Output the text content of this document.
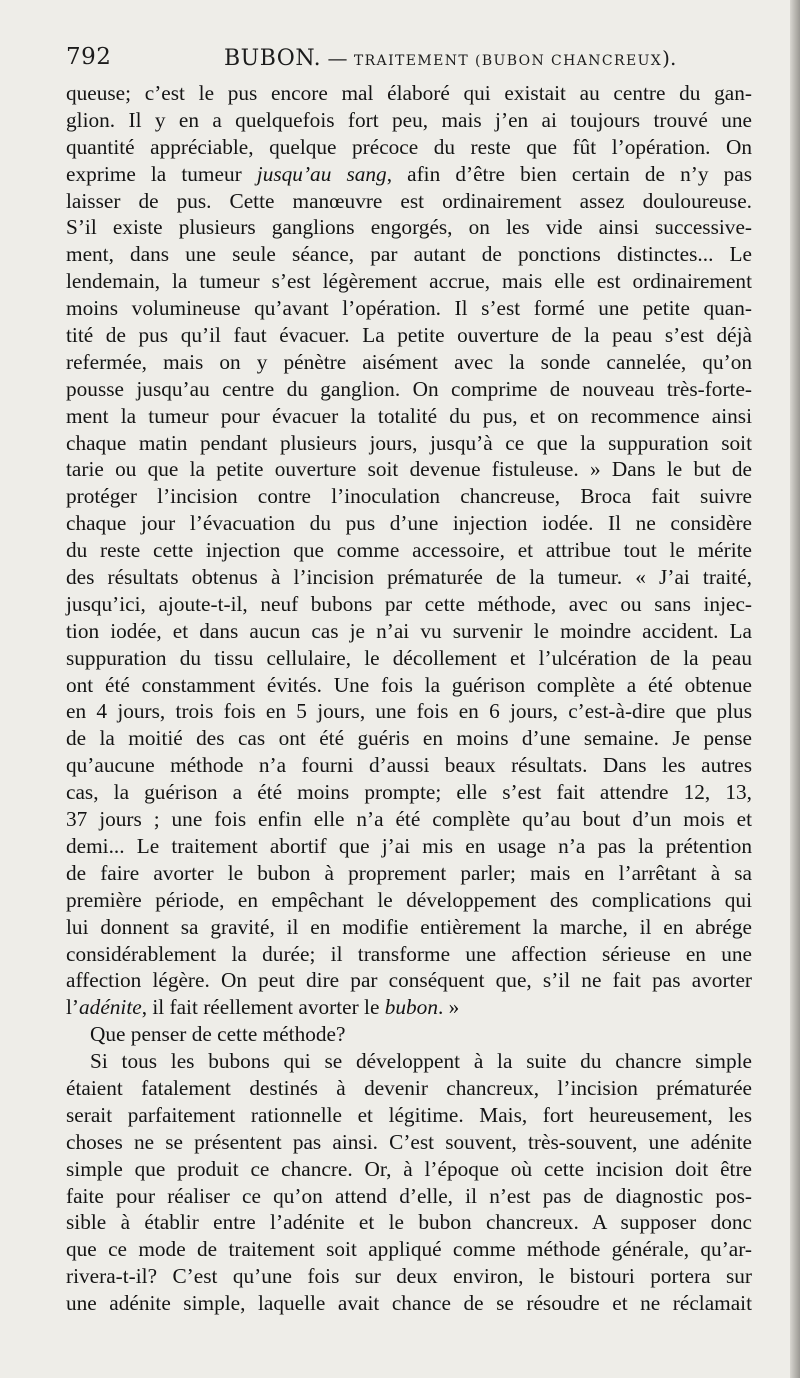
792	BUBON. — TRAITEMENT (BUBON CHANCREUX).
queuse; c’est le pus encore mal élaboré qui existait au centre du gan-
glion. Il y en a quelquefois fort peu, mais j’en ai toujours trouvé une
quantité appréciable, quelque précoce du reste que fût l’opération. On
exprime la tumeur jusqu’au sang, afin d’être bien certain de n’y pas
laisser de pus. Cette manœuvre est ordinairement assez douloureuse.
S’il existe plusieurs ganglions engorgés, on les vide ainsi successive-
ment, dans une seule séance, par autant de ponctions distinctes... Le
lendemain, la tumeur s’est légèrement accrue, mais elle est ordinairement
moins volumineuse qu’avant l’opération. Il s’est formé une petite quan-
tité de pus qu’il faut évacuer. La petite ouverture de la peau s’est déjà
refermée, mais on y pénètre aisément avec la sonde cannelée, qu’on
pousse jusqu’au centre du ganglion. On comprime de nouveau très-forte-
ment la tumeur pour évacuer la totalité du pus, et on recommence ainsi
chaque matin pendant plusieurs jours, jusqu’à ce que la suppuration soit
tarie ou que la petite ouverture soit devenue fistuleuse. » Dans le but de
protéger l’incision contre l’inoculation chancreuse, Broca fait suivre
chaque jour l’évacuation du pus d’une injection iodée. Il ne considère
du reste cette injection que comme accessoire, et attribue tout le mérite
des résultats obtenus à l’incision prématurée de la tumeur. « J’ai traité,
jusqu’ici, ajoute-t-il, neuf bubons par cette méthode, avec ou sans injec-
tion iodée, et dans aucun cas je n’ai vu survenir le moindre accident. La
suppuration du tissu cellulaire, le décollement et l’ulcération de la peau
ont été constamment évités. Une fois la guérison complète a été obtenue
en 4 jours, trois fois en 5 jours, une fois en 6 jours, c’est-à-dire que plus
de la moitié des cas ont été guéris en moins d’une semaine. Je pense
qu’aucune méthode n’a fourni d’aussi beaux résultats. Dans les autres
cas, la guérison a été moins prompte; elle s’est fait attendre 12, 13,
37 jours ; une fois enfin elle n’a été complète qu’au bout d’un mois et
demi... Le traitement abortif que j’ai mis en usage n’a pas la prétention
de faire avorter le bubon à proprement parler; mais en l’arrêtant à sa
première période, en empêchant le développement des complications qui
lui donnent sa gravité, il en modifie entièrement la marche, il en abrége
considérablement la durée; il transforme une affection sérieuse en une
affection légère. On peut dire par conséquent que, s’il ne fait pas avorter
l’adénite, il fait réellement avorter le bubon. »
Que penser de cette méthode?
Si tous les bubons qui se développent à la suite du chancre simple
étaient fatalement destinés à devenir chancreux, l’incision prématurée
serait parfaitement rationnelle et légitime. Mais, fort heureusement, les
choses ne se présentent pas ainsi. C’est souvent, très-souvent, une adénite
simple que produit ce chancre. Or, à l’époque où cette incision doit être
faite pour réaliser ce qu’on attend d’elle, il n’est pas de diagnostic pos-
sible à établir entre l’adénite et le bubon chancreux. A supposer donc
que ce mode de traitement soit appliqué comme méthode générale, qu’ar-
rivera-t-il? C’est qu’une fois sur deux environ, le bistouri portera sur
une adénite simple, laquelle avait chance de se résoudre et ne réclamait
